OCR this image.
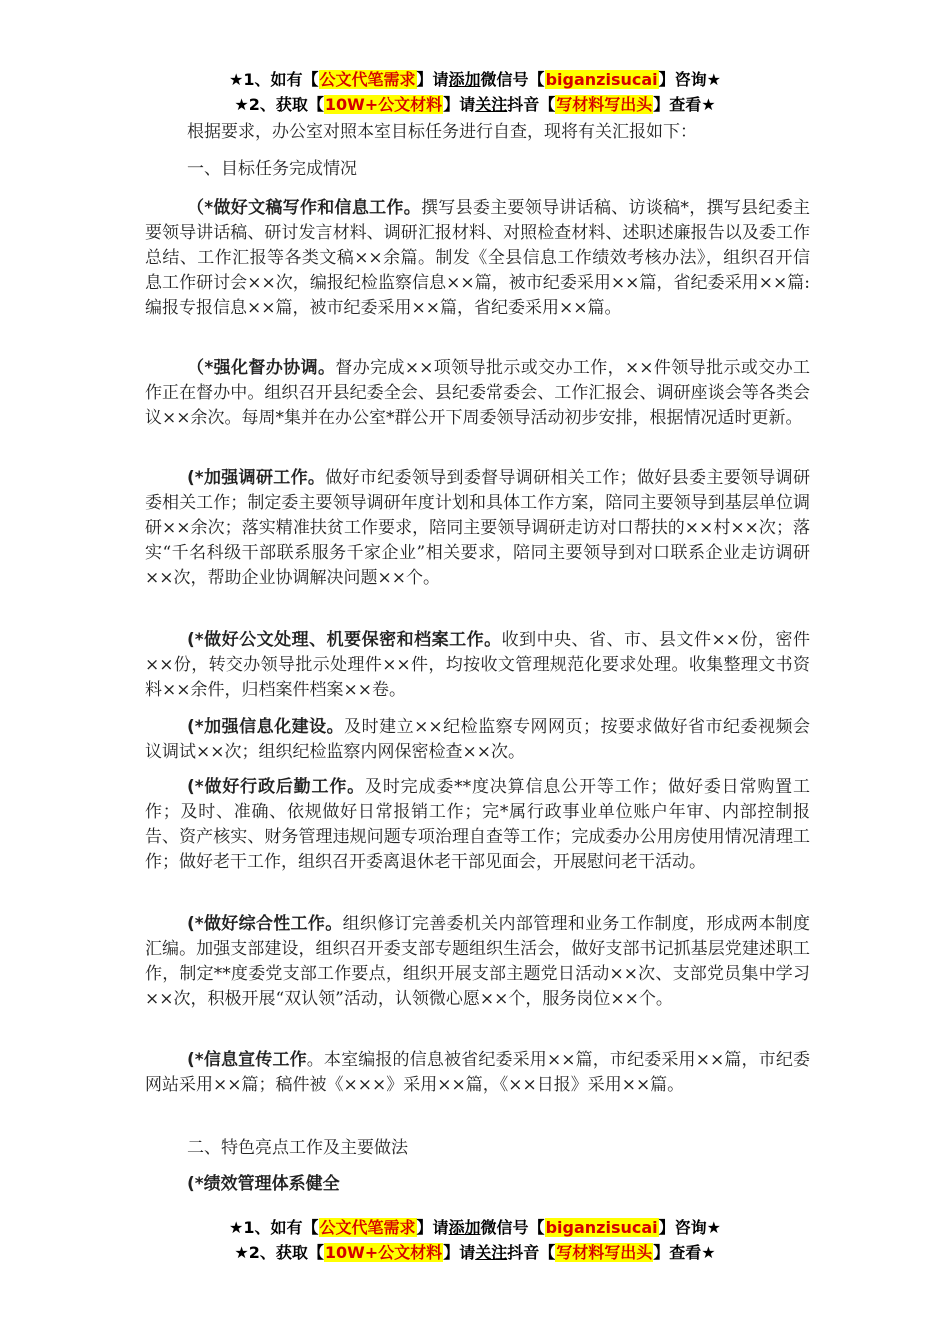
★1、如有【公文代笔需求】请添加微信号【biganzisucai】咨询★
★2、获取【10W+公文材料】请关注抖音【写材料写出头】查看★
根据要求，办公室对照本室目标任务进行自查，现将有关汇报如下：
一、目标任务完成情况
（*做好文稿写作和信息工作。撰写县委主要领导讲话稿、访谈稿*，撰写县纪委主要领导讲话稿、研讨发言材料、调研汇报材料、对照检查材料、述职述廉报告以及委工作总结、工作汇报等各类文稿××余篇。制发《全县信息工作绩效考核办法》，组织召开信息工作研讨会××次，编报纪检监察信息××篇，被市纪委采用××篇，省纪委采用××篇:编报专报信息××篇，被市纪委采用××篇，省纪委采用××篇。
（*强化督办协调。督办完成××项领导批示或交办工作，××件领导批示或交办工作正在督办中。组织召开县纪委全会、县纪委常委会、工作汇报会、调研座谈会等各类会议××余次。每周*集并在办公室*群公开下周委领导活动初步安排，根据情况适时更新。
(*加强调研工作。做好市纪委领导到委督导调研相关工作；做好县委主要领导调研委相关工作；制定委主要领导调研年度计划和具体工作方案，陪同主要领导到基层单位调研××余次；落实精准扶贫工作要求，陪同主要领导调研走访对口帮扶的××村××次；落实“千名科级干部联系服务千家企业”相关要求，陪同主要领导到对口联系企业走访调研××次，帮助企业协调解决问题××个。
(*做好公文处理、机要保密和档案工作。收到中央、省、市、县文件××份，密件××份，转交办领导批示处理件××件，均按收文管理规范化要求处理。收集整理文书资料××余件，归档案件档案××卷。
(*加强信息化建设。及时建立××纪检监察专网网页；按要求做好省市纪委视频会议调试××次；组织纪检监察内网保密检查××次。
(*做好行政后勤工作。及时完成委**度决算信息公开等工作；做好委日常购置工作；及时、准确、依规做好日常报销工作；完*属行政事业单位账户年审、内部控制报告、资产核实、财务管理违规问题专项治理自查等工作；完成委办公用房使用情况清理工作；做好老干工作，组织召开委离退休老干部见面会，开展慰问老干活动。
(*做好综合性工作。组织修订完善委机关内部管理和业务工作制度，形成两本制度汇编。加强支部建设，组织召开委支部专题组织生活会，做好支部书记抓基层党建述职工作，制定**度委党支部工作要点，组织开展支部主题党日活动××次、支部党员集中学习××次，积极开展“双认领”活动，认领微心愿××个，服务岗位××个。
(*信息宣传工作。本室编报的信息被省纪委采用××篇，市纪委采用××篇，市纪委网站采用××篇；稿件被《×××》采用××篇，《××日报》采用××篇。
二、特色亮点工作及主要做法
(*绩效管理体系健全
★1、如有【公文代笔需求】请添加微信号【biganzisucai】咨询★
★2、获取【10W+公文材料】请关注抖音【写材料写出头】查看★
